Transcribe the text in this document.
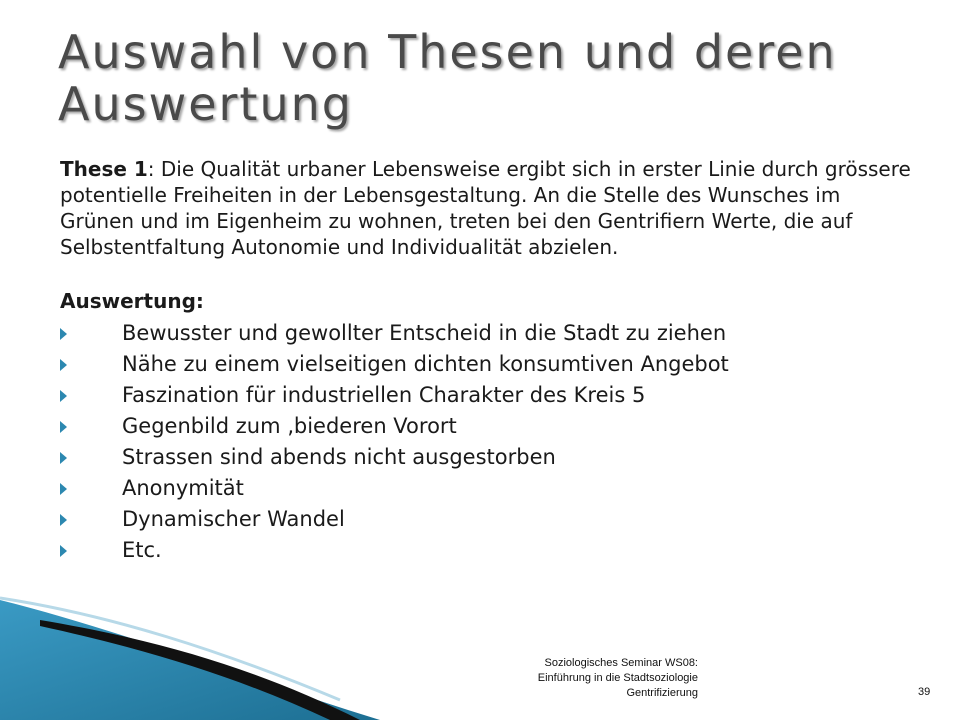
Auswahl von Thesen und deren Auswertung

These 1: Die Qualität urbaner Lebensweise ergibt sich in erster Linie durch grössere potentielle Freiheiten in der Lebensgestaltung. An die Stelle des Wunsches im Grünen und im Eigenheim zu wohnen, treten bei den Gentrifiern Werte, die auf Selbstentfaltung Autonomie und Individualität abzielen.

Auswertung:
Bewusster und gewollter Entscheid in die Stadt zu ziehen
Nähe zu einem vielseitigen dichten konsumtiven Angebot
Faszination für industriellen Charakter des Kreis 5
Gegenbild zum ‚biederen Vorort
Strassen sind abends nicht ausgestorben
Anonymität
Dynamischer Wandel
Etc.
Soziologisches Seminar WS08:
Einführung in die Stadtsoziologie
Gentrifizierung	39
